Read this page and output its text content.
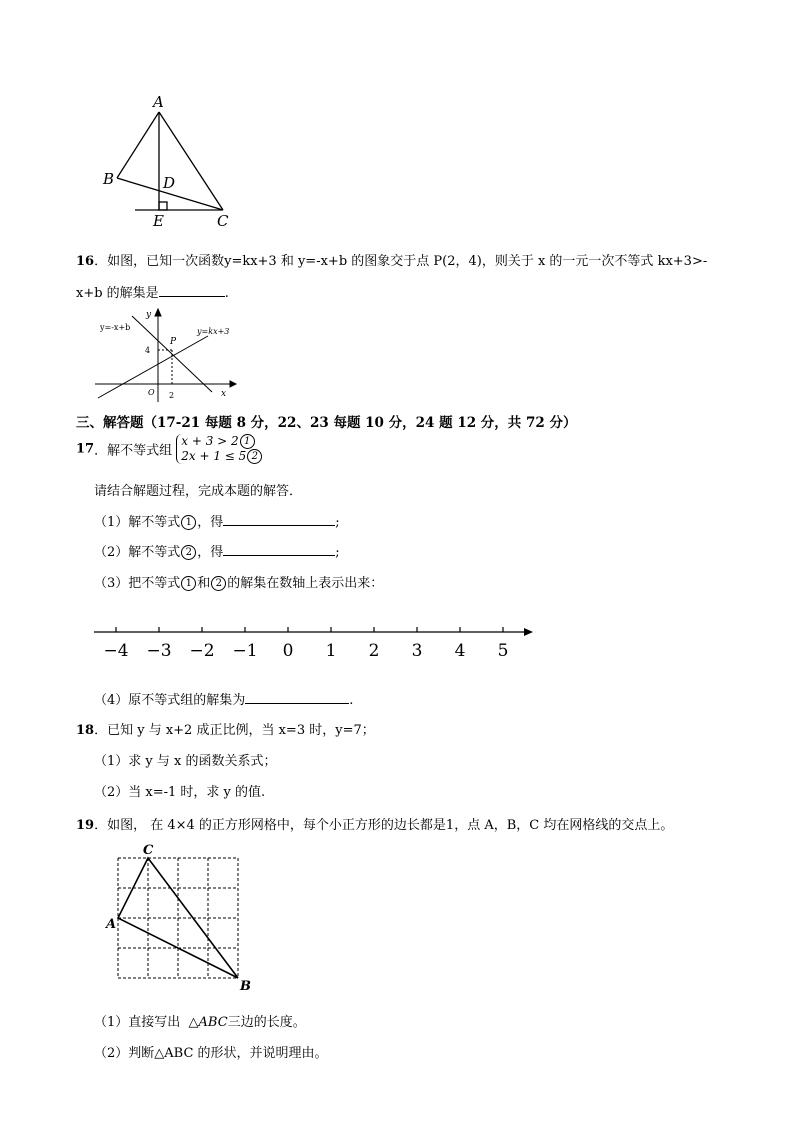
A
B	D
E	C
16．如图，已知一次函数y=kx+3 和 y=-x+b 的图象交于点 P(2，4)，则关于 x 的一元一次不等式 kx+3>-
x+b 的解集是	.
y=-x+b	y=kx+3
y
x
O
4
2
P
三、解答题（17-21 每题 8 分，22、23 每题 10 分，24 题 12 分，共 72 分）
17．解不等式组 x + 3 > 2 1
2x + 1 ≤ 5 2
请结合解题过程，完成本题的解答．
（1）解不等式 1 ，得	;
（2）解不等式 2 ，得	;
（3）把不等式 1 和 2 的解集在数轴上表示出来：
−4 −3 −2 −1 0 1 2 3 4 5
（4）原不等式组的解集为	.
18．已知 y 与 x+2 成正比例，当 x=3 时，y=7；
（1）求 y 与 x 的函数关系式；
（2）当 x=-1 时，求 y 的值.
19．如图， 在 4×4 的正方形网格中，每个小正方形的边长都是1，点 A，B，C 均在网格线的交点上。
C
A
B
（1）直接写出 △ABC三边的长度。
（2）判断△ABC 的形状，并说明理由。
